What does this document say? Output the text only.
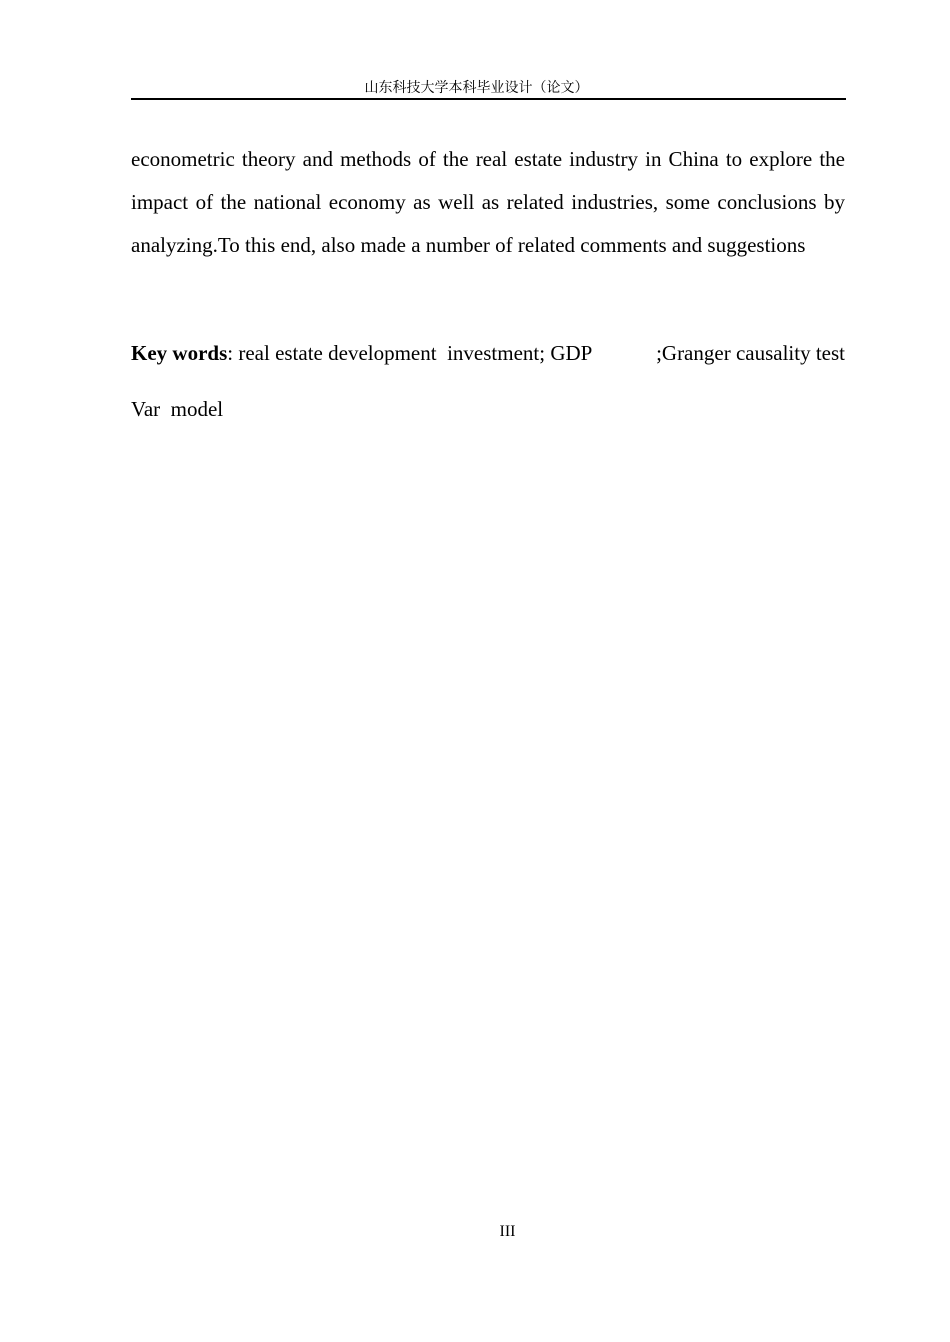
山东科技大学本科毕业设计（论文）

econometric theory and methods of the real estate industry in China to explore the impact of the national economy as well as related industries, some conclusions by analyzing.To this end, also made a number of related comments and suggestions

Key words: real estate development  investment; GDP	;Granger causality test
Var  model
III
